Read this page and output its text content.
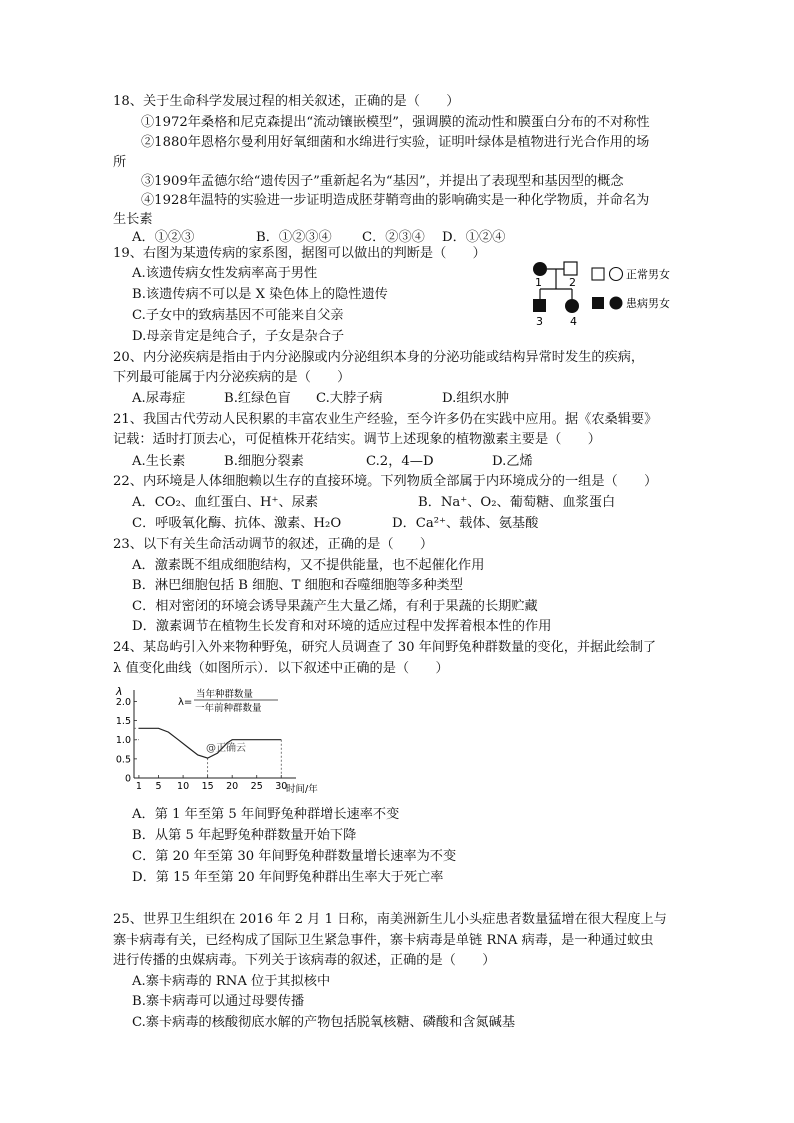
18、关于生命科学发展过程的相关叙述，正确的是（　　）
①1972年桑格和尼克森提出“流动镶嵌模型”，强调膜的流动性和膜蛋白分布的不对称性
②1880年恩格尔曼利用好氧细菌和水绵进行实验，证明叶绿体是植物进行光合作用的场
所
③1909年孟德尔给“遗传因子”重新起名为“基因”，并提出了表现型和基因型的概念
④1928年温特的实验进一步证明造成胚芽鞘弯曲的影响确实是一种化学物质，并命名为
生长素
A．①②③	B．①②③④ C．②③④ D．①②④
19、右图为某遗传病的家系图，据图可以做出的判断是（　　）
A.该遗传病女性发病率高于男性
B.该遗传病不可以是 X 染色体上的隐性遗传
C.子女中的致病基因不可能来自父亲
D.母亲肯定是纯合子，子女是杂合子
1 2
3 4
正常男女
患病男女
20、内分泌疾病是指由于内分泌腺或内分泌组织本身的分泌功能或结构异常时发生的疾病，
下列最可能属于内分泌疾病的是（　　）
A.尿毒症	B.红绿色盲 C.大脖子病	D.组织水肿
21、我国古代劳动人民积累的丰富农业生产经验，至今许多仍在实践中应用。据《农桑辑要》
记载：适时打顶去心，可促植株开花结实。调节上述现象的植物激素主要是（　　）
A.生长素	B.细胞分裂素	C.2，4—D	D.乙烯
22、内环境是人体细胞赖以生存的直接环境。下列物质全部属于内环境成分的一组是（　　）
A．CO₂、血红蛋白、H⁺、尿素	B．Na⁺、O₂、葡萄糖、血浆蛋白
C．呼吸氧化酶、抗体、激素、H₂O	D．Ca²⁺、载体、氨基酸
23、以下有关生命活动调节的叙述，正确的是（　　）
A．激素既不组成细胞结构，又不提供能量，也不起催化作用
B．淋巴细胞包括 B 细胞、T 细胞和吞噬细胞等多种类型
C．相对密闭的环境会诱导果蔬产生大量乙烯，有利于果蔬的长期贮藏
D．激素调节在植物生长发育和对环境的适应过程中发挥着根本性的作用
24、某岛屿引入外来物种野兔，研究人员调查了 30 年间野兔种群数量的变化，并据此绘制了
λ 值变化曲线（如图所示）．以下叙述中正确的是（　　）
1 5 10 15 20 25 30
0
0.5
1.0
1.5
2.0
λ
时间/年
λ=
当年种群数量
一年前种群数量
@正确云
A．第 1 年至第 5 年间野兔种群增长速率不变
B．从第 5 年起野兔种群数量开始下降
C．第 20 年至第 30 年间野兔种群数量增长速率为不变
D．第 15 年至第 20 年间野兔种群出生率大于死亡率
25、世界卫生组织在 2016 年 2 月 1 日称，南美洲新生儿小头症患者数量猛增在很大程度上与
寨卡病毒有关，已经构成了国际卫生紧急事件，寨卡病毒是单链 RNA 病毒，是一种通过蚊虫
进行传播的虫媒病毒。下列关于该病毒的叙述，正确的是（　　）
A.寨卡病毒的 RNA 位于其拟核中
B.寨卡病毒可以通过母婴传播
C.寨卡病毒的核酸彻底水解的产物包括脱氧核糖、磷酸和含氮碱基
